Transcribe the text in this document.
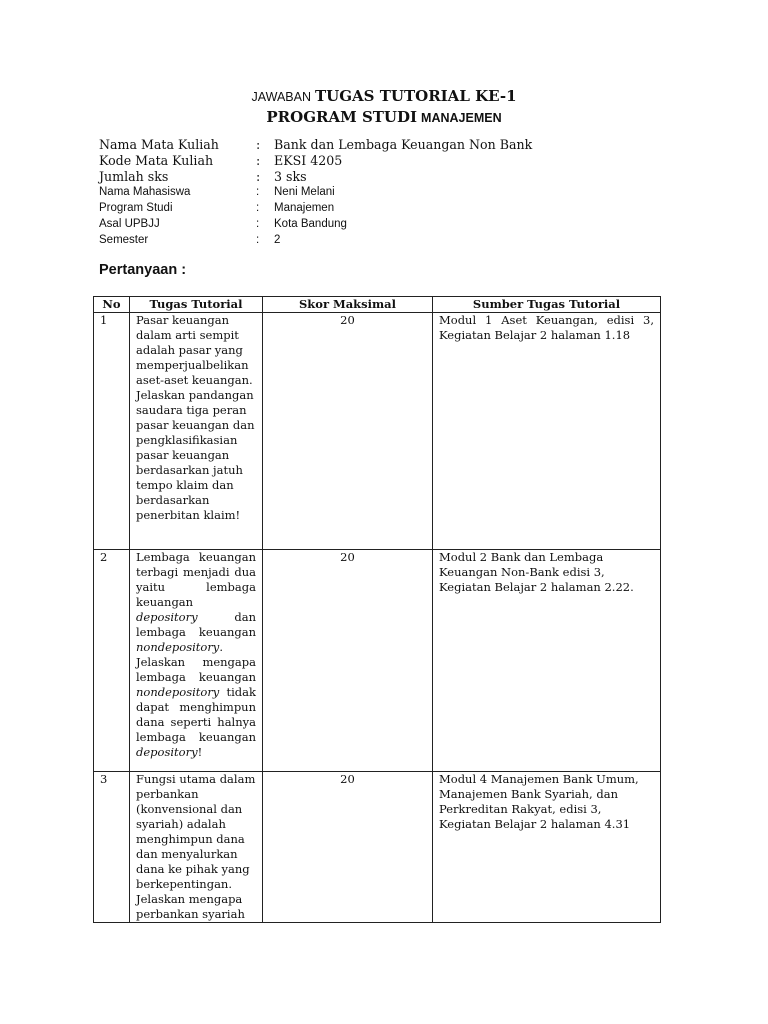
JAWABAN TUGAS TUTORIAL KE-1
PROGRAM STUDI MANAJEMEN
Nama Mata Kuliah	:	Bank dan Lembaga Keuangan Non Bank
Kode Mata Kuliah	:	EKSI 4205
Jumlah sks	:	3 sks
Nama Mahasiswa	:	Neni Melani
Program Studi	:	Manajemen
Asal UPBJJ	:	Kota Bandung
Semester	:	2
Pertanyaan :
No	Tugas Tutorial	Skor Maksimal	Sumber Tugas Tutorial
1	Pasar keuangan dalam arti sempit adalah pasar yang memperjualbelikan aset-aset keuangan. Jelaskan pandangan saudara tiga peran pasar keuangan dan pengklasifikasian pasar keuangan berdasarkan jatuh tempo klaim dan berdasarkan penerbitan klaim!	20	Modul 1 Aset Keuangan, edisi 3, Kegiatan Belajar 2 halaman 1.18
2	Lembaga keuangan terbagi menjadi dua yaitu lembaga keuangan depository dan lembaga keuangan nondepository. Jelaskan mengapa lembaga keuangan nondepository tidak dapat menghimpun dana seperti halnya lembaga keuangan depository!	20	Modul 2 Bank dan Lembaga Keuangan Non-Bank edisi 3, Kegiatan Belajar 2 halaman 2.22.
3	Fungsi utama dalam perbankan (konvensional dan syariah) adalah menghimpun dana dan menyalurkan dana ke pihak yang berkepentingan. Jelaskan mengapa perbankan syariah	20	Modul 4 Manajemen Bank Umum, Manajemen Bank Syariah, dan Perkreditan Rakyat, edisi 3, Kegiatan Belajar 2 halaman 4.31
